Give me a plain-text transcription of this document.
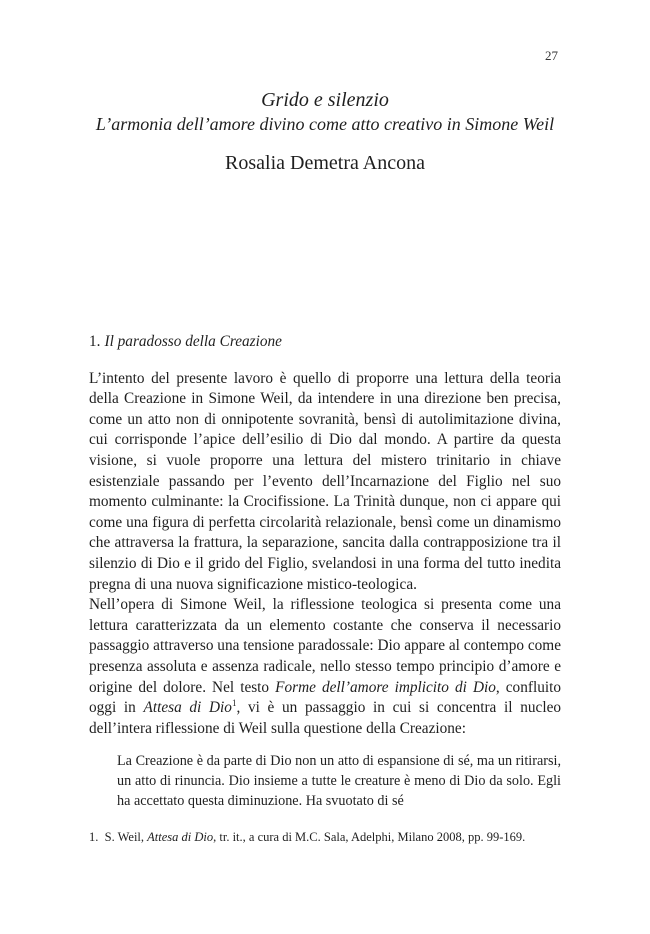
27

Grido e silenzio

L’armonia dell’amore divino come atto creativo in Simone Weil

Rosalia Demetra Ancona
1. Il paradosso della Creazione

L’intento del presente lavoro è quello di proporre una lettura della teoria della Creazione in Simone Weil, da intendere in una direzione ben precisa, come un atto non di onnipotente sovranità, bensì di autolimitazione divina, cui corrisponde l’apice dell’esilio di Dio dal mondo. A partire da questa visione, si vuole proporre una lettura del mistero trinitario in chiave esistenziale passando per l’evento dell’Incarnazione del Figlio nel suo momento culminante: la Crocifissione. La Trinità dunque, non ci appare qui come una figura di perfetta circolarità relazionale, bensì come un dinamismo che attraversa la frattura, la separazione, sancita dalla contrapposizione tra il silenzio di Dio e il grido del Figlio, svelandosi in una forma del tutto inedita pregna di una nuova significazione mistico-teologica.

Nell’opera di Simone Weil, la riflessione teologica si presenta come una lettura caratterizzata da un elemento costante che conserva il necessario passaggio attraverso una tensione paradossale: Dio appare al contempo come presenza assoluta e assenza radicale, nello stesso tempo principio d’amore e origine del dolore. Nel testo Forme dell’amore implicito di Dio, confluito oggi in Attesa di Dio$^1$, vi è un passaggio in cui si concentra il nucleo dell’intera riflessione di Weil sulla questione della Creazione:

La Creazione è da parte di Dio non un atto di espansione di sé, ma un ritirarsi, un atto di rinuncia. Dio insieme a tutte le creature è meno di Dio da solo. Egli ha accettato questa diminuzione. Ha svuotato di sé

1. S. Weil, Attesa di Dio, tr. it., a cura di M.C. Sala, Adelphi, Milano 2008, pp. 99-169.
